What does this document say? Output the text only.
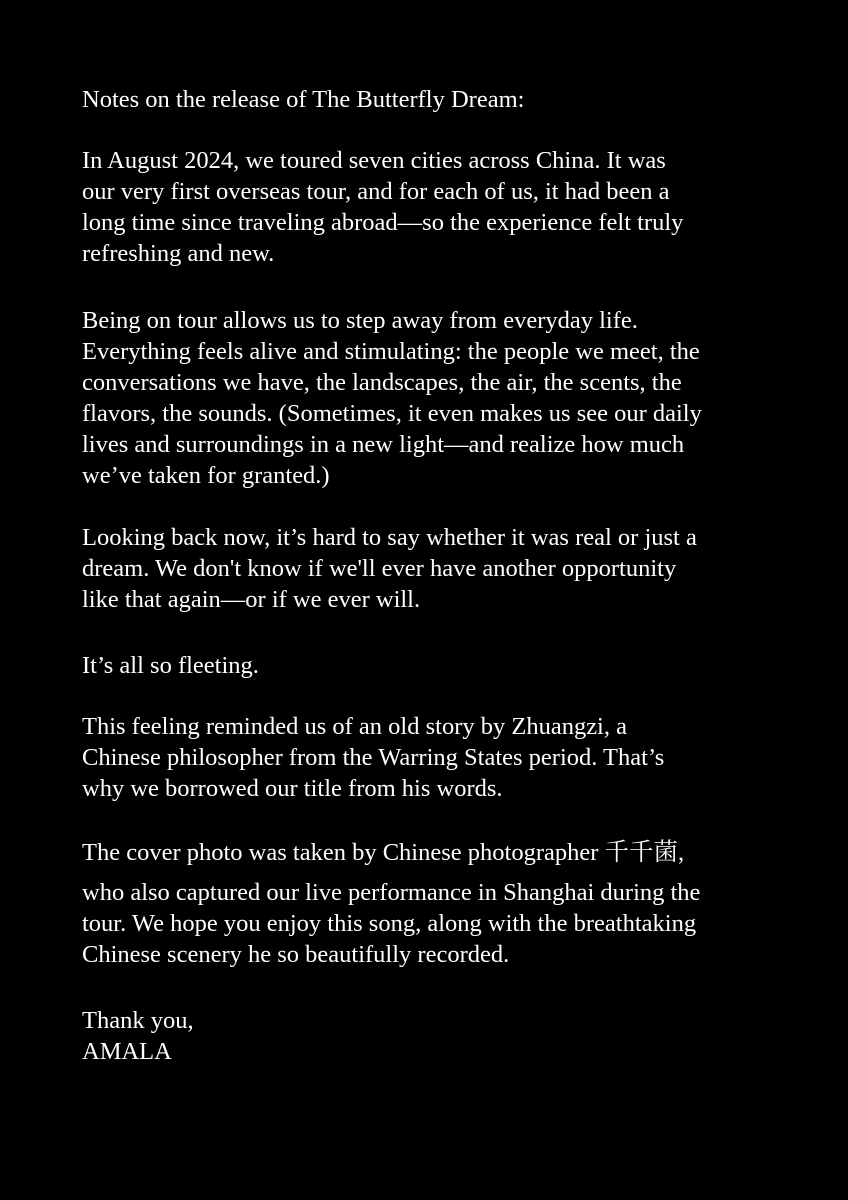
Notes on the release of The Butterfly Dream:

In August 2024, we toured seven cities across China. It was

our very first overseas tour, and for each of us, it had been a

long time since traveling abroad—so the experience felt truly

refreshing and new.

Being on tour allows us to step away from everyday life.

Everything feels alive and stimulating: the people we meet, the

conversations we have, the landscapes, the air, the scents, the

flavors, the sounds. (Sometimes, it even makes us see our daily

lives and surroundings in a new light—and realize how much

we’ve taken for granted.)

Looking back now, it’s hard to say whether it was real or just a

dream. We don't know if we'll ever have another opportunity

like that again—or if we ever will.

It’s all so fleeting.

This feeling reminded us of an old story by Zhuangzi, a

Chinese philosopher from the Warring States period. That’s

why we borrowed our title from his words.

The cover photo was taken by Chinese photographer 千千菌,

who also captured our live performance in Shanghai during the

tour. We hope you enjoy this song, along with the breathtaking

Chinese scenery he so beautifully recorded.

Thank you,

AMALA
